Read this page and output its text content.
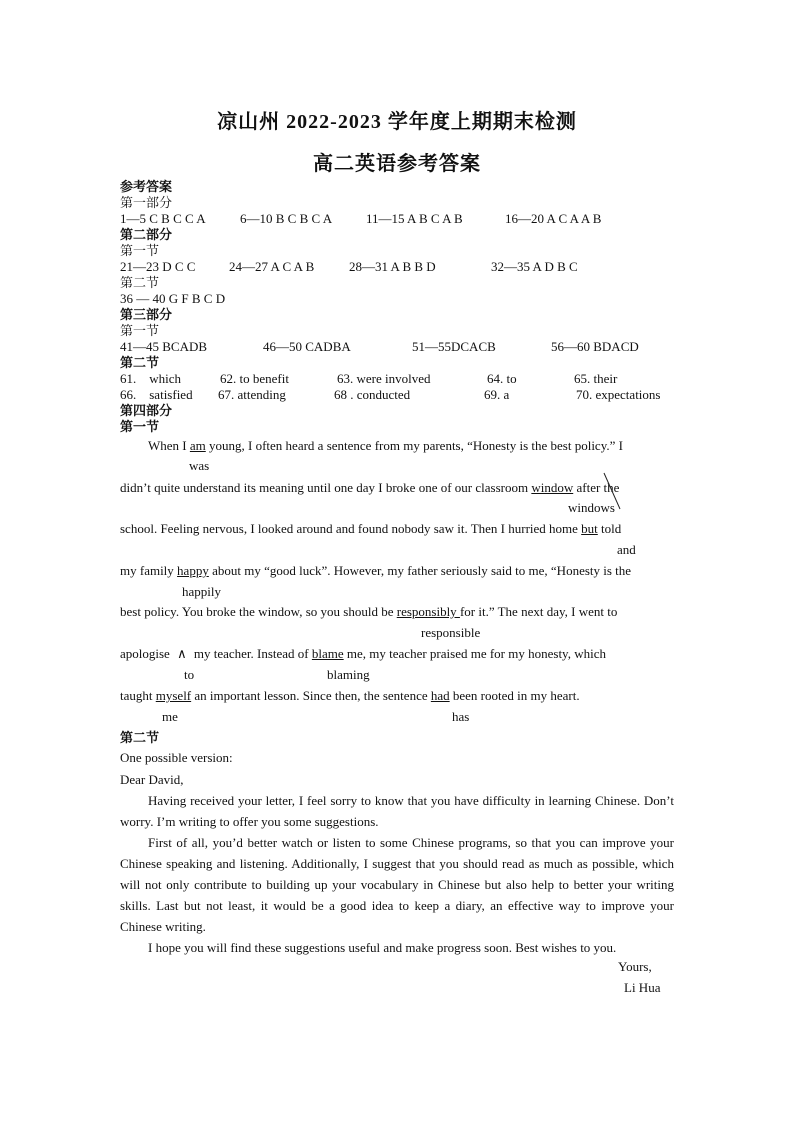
凉山州 2022-2023 学年度上期期末检测
高二英语参考答案
参考答案
第一部分
1—5 C B C C A	6—10 B C B C A	11—15 A B C A B	16—20 A C A A B
第二部分
第一节
21—23 D C C	24—27 A C A B	28—31 A B B D	32—35 A D B C
第二节
36 — 40 G F B C D
第三部分
第一节
41—45 BCADB	46—50 CADBA	51—55DCACB	56—60 BDACD
第二节
61.　which	62. to benefit	63. were involved	64. to	65. their
66.　satisfied 67. attending	68 . conducted	69. a	70. expectations
第四部分
第一节
When I am young, I often heard a sentence from my parents, “Honesty is the best policy.” I
was
didn’t quite understand its meaning until one day I broke one of our classroom window after the
windows
school. Feeling nervous, I looked around and found nobody saw it. Then I hurried home but told
and
my family happy about my “good luck”. However, my father seriously said to me, “Honesty is the
happily
best policy. You broke the window, so you should be responsibly for it.” The next day, I went to
responsible
apologise ∧ my teacher. Instead of blame me, my teacher praised me for my honesty, which
to	blaming
taught myself an important lesson. Since then, the sentence had been rooted in my heart.
me	has
第二节
One possible version:
Dear David,

Having received your letter, I feel sorry to know that you have difficulty in learning Chinese. Don’t worry. I’m writing to offer you some suggestions.

First of all, you’d better watch or listen to some Chinese programs, so that you can improve your Chinese speaking and listening. Additionally, I suggest that you should read as much as possible, which will not only contribute to building up your vocabulary in Chinese but also help to better your writing skills. Last but not least, it would be a good idea to keep a diary, an effective way to improve your Chinese writing.

I hope you will find these suggestions useful and make progress soon. Best wishes to you.

Yours,
Li Hua
